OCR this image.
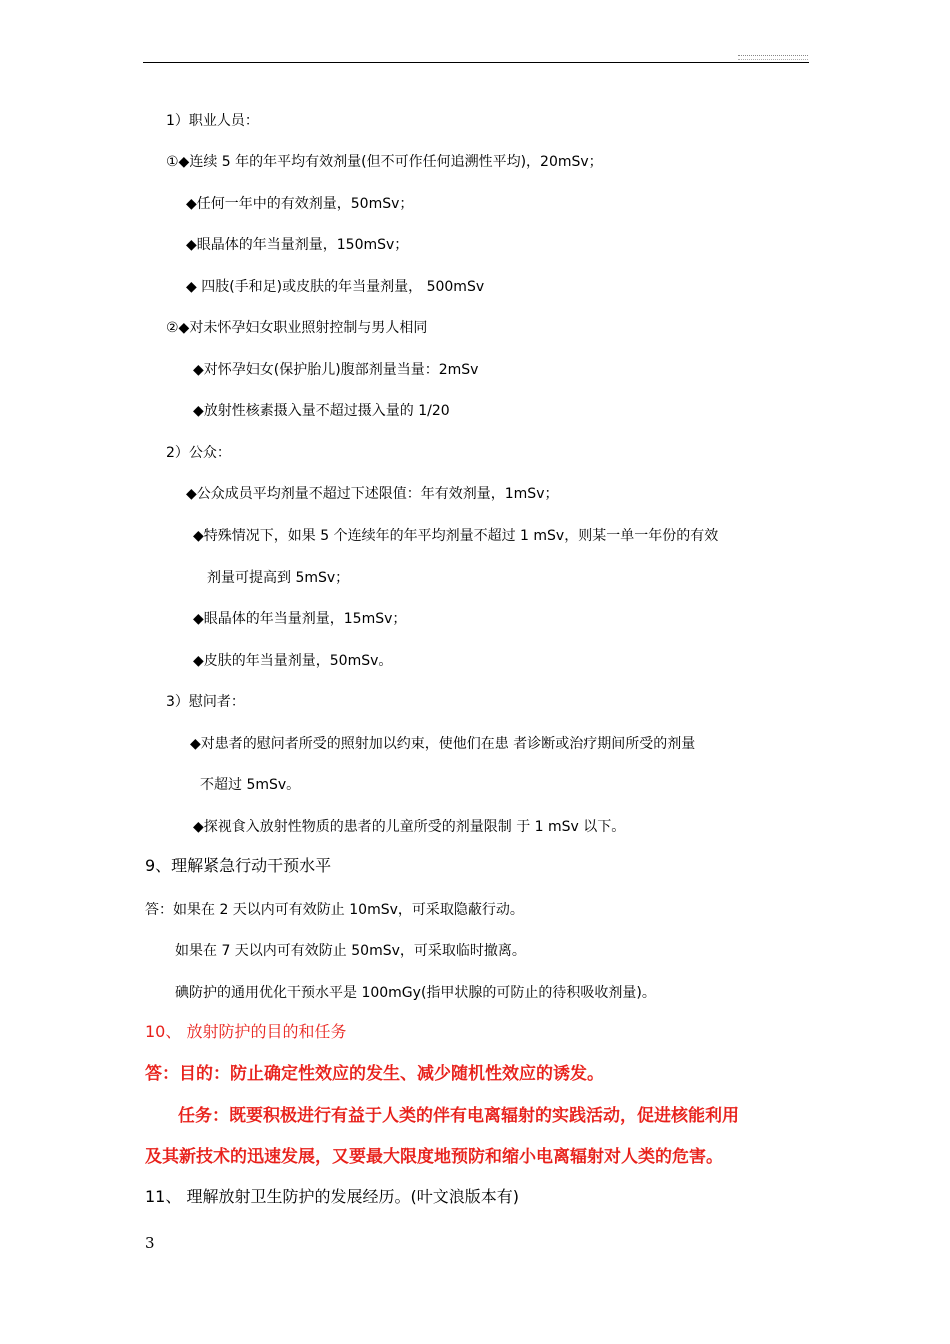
1）职业人员：
①◆连续 5 年的年平均有效剂量(但不可作任何追溯性平均)，20mSv；
◆任何一年中的有效剂量，50mSv；
◆眼晶体的年当量剂量，150mSv；
◆ 四肢(手和足)或皮肤的年当量剂量， 500mSv
②◆对未怀孕妇女职业照射控制与男人相同
◆对怀孕妇女(保护胎儿)腹部剂量当量：2mSv
◆放射性核素摄入量不超过摄入量的 1/20
2）公众：
◆公众成员平均剂量不超过下述限值：年有效剂量，1mSv；
◆特殊情况下，如果 5 个连续年的年平均剂量不超过 1 mSv，则某一单一年份的有效
剂量可提高到 5mSv；
◆眼晶体的年当量剂量，15mSv；
◆皮肤的年当量剂量，50mSv。
3）慰问者：
◆对患者的慰问者所受的照射加以约束，使他们在患 者诊断或治疗期间所受的剂量
不超过 5mSv。
◆探视食入放射性物质的患者的儿童所受的剂量限制 于 1 mSv 以下。
9、理解紧急行动干预水平
答：如果在 2 天以内可有效防止 10mSv，可采取隐蔽行动。
如果在 7 天以内可有效防止 50mSv，可采取临时撤离。
碘防护的通用优化干预水平是 100mGy(指甲状腺的可防止的待积吸收剂量)。
10、 放射防护的目的和任务
答：目的：防止确定性效应的发生、减少随机性效应的诱发。
任务：既要积极进行有益于人类的伴有电离辐射的实践活动，促进核能利用
及其新技术的迅速发展，又要最大限度地预防和缩小电离辐射对人类的危害。
11、 理解放射卫生防护的发展经历。(叶文浪版本有)
3
